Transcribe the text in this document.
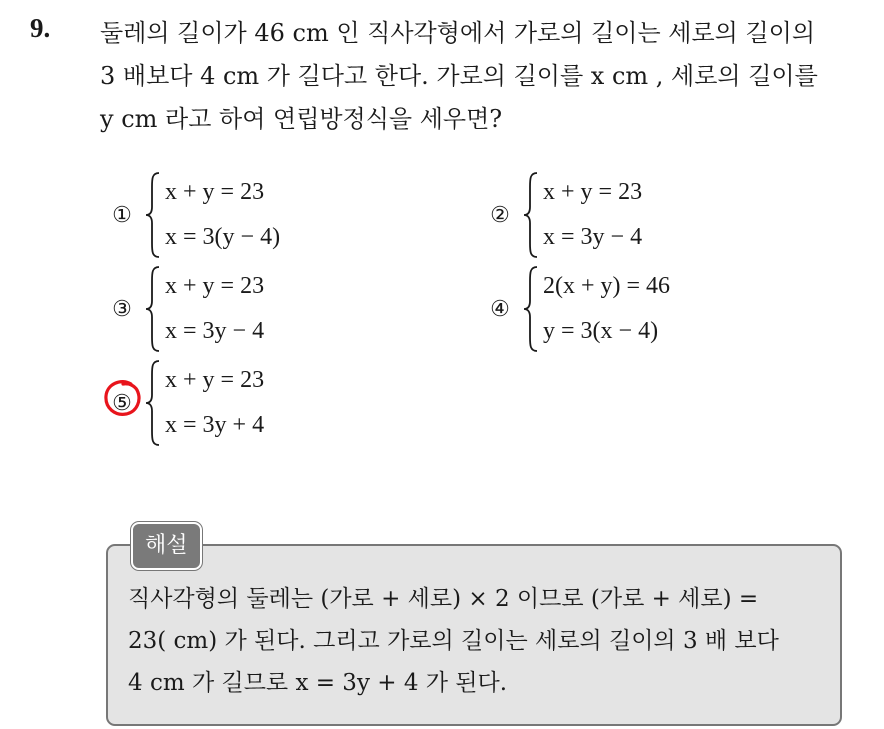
9. 둘레의 길이가 46 cm 인 직사각형에서 가로의 길이는 세로의 길이의
3 배보다 4 cm 가 길다고 한다. 가로의 길이를 x cm , 세로의 길이를
y cm 라고 하여 연립방정식을 세우면?
①
x + y = 23
x = 3(y − 4)
②
x + y = 23
x = 3y − 4
③
x + y = 23
x = 3y − 4
④
2(x + y) = 46
y = 3(x − 4)
⑤
x + y = 23
x = 3y + 4
해설
직사각형의 둘레는 (가로 + 세로) × 2 이므로 (가로 + 세로) =
23( cm) 가 된다. 그리고 가로의 길이는 세로의 길이의 3 배 보다
4 cm 가 길므로 x = 3y + 4 가 된다.
